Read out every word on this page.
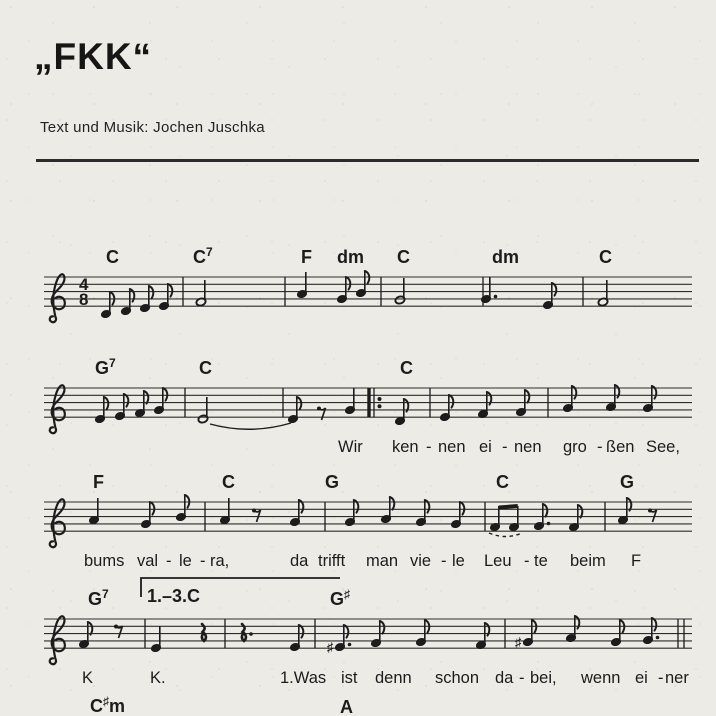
„FKK“
Text und Musik: Jochen Juschka
4
8
C	$C^7$	F dm C	dm	C
$G^7$	C	C
Wir ken - nen ei - nen gro - ßen See,
F	C	G	C	G
bums val - le - ra,	da trifft man vie - le Leu - te beim F
1.–3.C
$G^7$	G♯
♯	♯
K	K.	1.Was ist denn schon da - bei, wenn ei - ner
C♯m	A
